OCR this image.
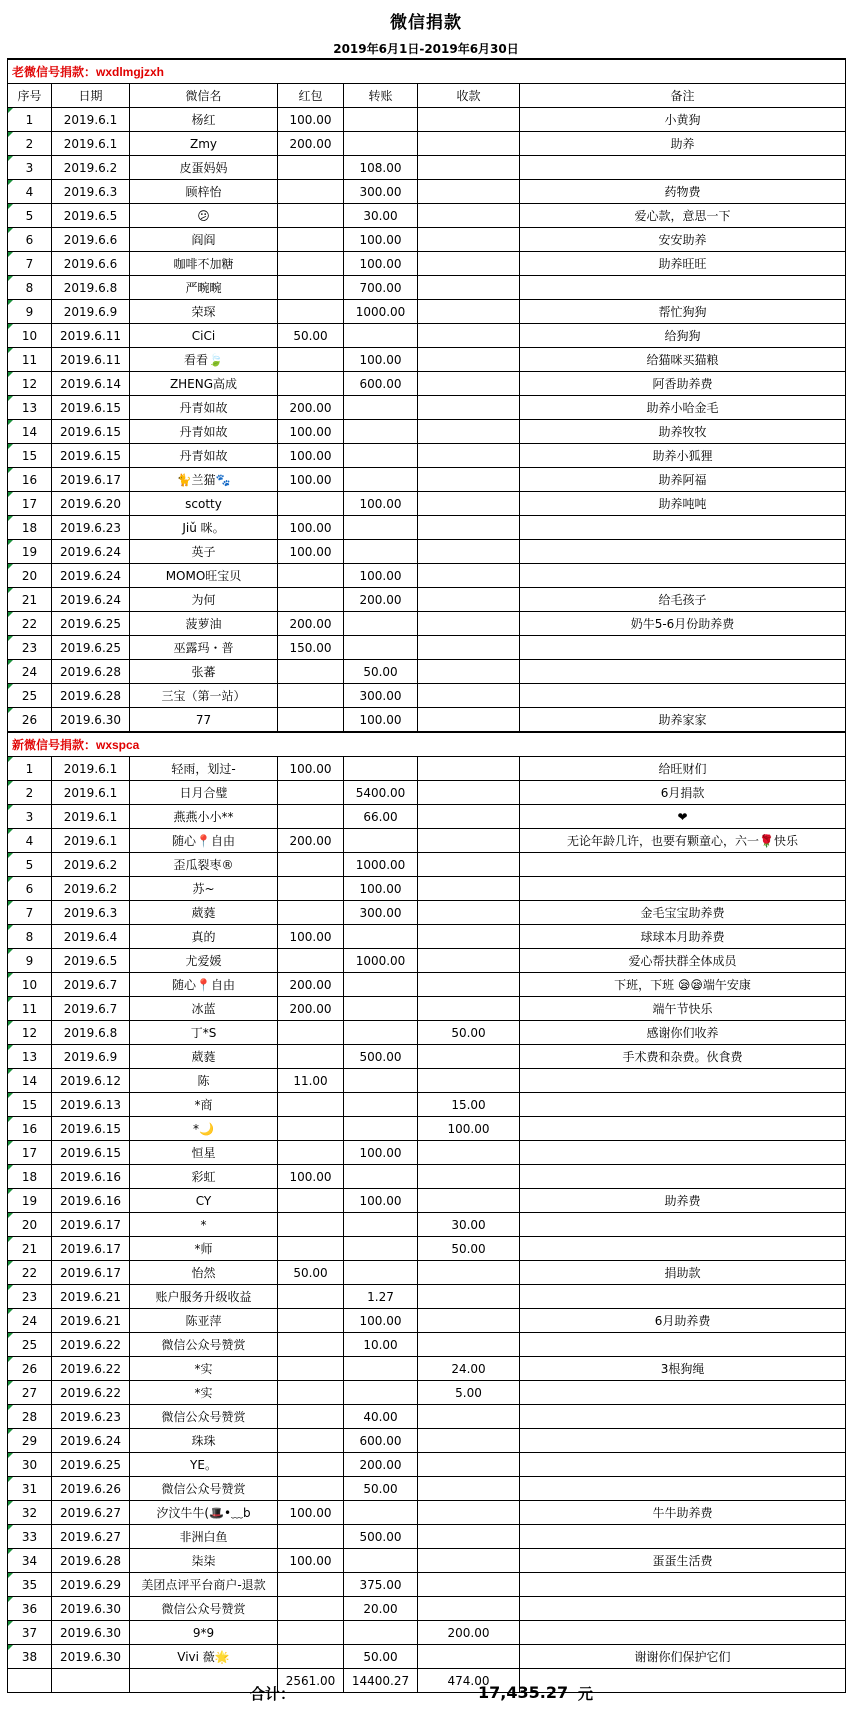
微信捐款
2019年6月1日-2019年6月30日
老微信号捐款：wxdlmgjzxh						
序号	日期	微信名	红包	转账	收款	备注
1	2019.6.1	杨红	100.00			小黄狗
2	2019.6.1	Zmy	200.00			助养
3	2019.6.2	皮蛋妈妈		108.00		
4	2019.6.3	顾梓怡		300.00		药物费
5	2019.6.5	😕		30.00		爱心款，意思一下
6	2019.6.6	阎阎		100.00		安安助养
7	2019.6.6	咖啡不加糖		100.00		助养旺旺
8	2019.6.8	严畹畹		700.00		
9	2019.6.9	荣琛		1000.00		帮忙狗狗
10	2019.6.11	CiCi	50.00			给狗狗
11	2019.6.11	看看🍃		100.00		给猫咪买猫粮
12	2019.6.14	ZHENG高成		600.00		阿香助养费
13	2019.6.15	丹青如故	200.00			助养小哈金毛
14	2019.6.15	丹青如故	100.00			助养牧牧
15	2019.6.15	丹青如故	100.00			助养小狐狸
16	2019.6.17	🐈兰猫🐾	100.00			助养阿福
17	2019.6.20	scotty		100.00		助养吨吨
18	2019.6.23	Jiǔ 咪。	100.00			
19	2019.6.24	英子	100.00			
20	2019.6.24	MOMO旺宝贝		100.00		
21	2019.6.24	为何		200.00		给毛孩子
22	2019.6.25	菠萝油	200.00			奶牛5-6月份助养费
23	2019.6.25	巫露玛・普	150.00			
24	2019.6.28	张蕃		50.00		
25	2019.6.28	三宝（第一站）		300.00		
26	2019.6.30	77		100.00		助养家家
新微信号捐款：wxspca						
1	2019.6.1	轻雨，划过-	100.00			给旺财们
2	2019.6.1	日月合璧		5400.00		6月捐款
3	2019.6.1	燕燕小小**		66.00		❤
4	2019.6.1	随心📍自由	200.00			无论年龄几许，也要有颗童心，六一🌹快乐
5	2019.6.2	歪瓜裂枣®		1000.00		
6	2019.6.2	苏~		100.00		
7	2019.6.3	葳蕤		300.00		金毛宝宝助养费
8	2019.6.4	真的	100.00			球球本月助养费
9	2019.6.5	尤爱媛		1000.00		爱心帮扶群全体成员
10	2019.6.7	随心📍自由	200.00			下班，下班 😪😪端午安康
11	2019.6.7	冰蓝	200.00			端午节快乐
12	2019.6.8	丁*S			50.00	感谢你们收养
13	2019.6.9	葳蕤		500.00		手术费和杂费。伙食费
14	2019.6.12	陈	11.00			
15	2019.6.13	*商			15.00	
16	2019.6.15	*🌙			100.00	
17	2019.6.15	恒星		100.00		
18	2019.6.16	彩虹	100.00			
19	2019.6.16	CY		100.00		助养费
20	2019.6.17	*			30.00	
21	2019.6.17	*师			50.00	
22	2019.6.17	怡然	50.00			捐助款
23	2019.6.21	账户服务升级收益		1.27		
24	2019.6.21	陈亚萍		100.00		6月助养费
25	2019.6.22	微信公众号赞赏		10.00		
26	2019.6.22	*实			24.00	3根狗绳
27	2019.6.22	*实			5.00	
28	2019.6.23	微信公众号赞赏		40.00		
29	2019.6.24	珠珠		600.00		
30	2019.6.25	YE。		200.00		
31	2019.6.26	微信公众号赞赏		50.00		
32	2019.6.27	汐汶牛牛(🎩•﹏b	100.00			牛牛助养费
33	2019.6.27	非洲白鱼		500.00		
34	2019.6.28	柒柒	100.00			蛋蛋生活费
35	2019.6.29	美团点评平台商户-退款		375.00		
36	2019.6.30	微信公众号赞赏		20.00		
37	2019.6.30	9*9			200.00	
38	2019.6.30	Vivi 薇🌟		50.00		谢谢你们保护它们
			2561.00	14400.27	474.00	
合计：	17,435.27 元
